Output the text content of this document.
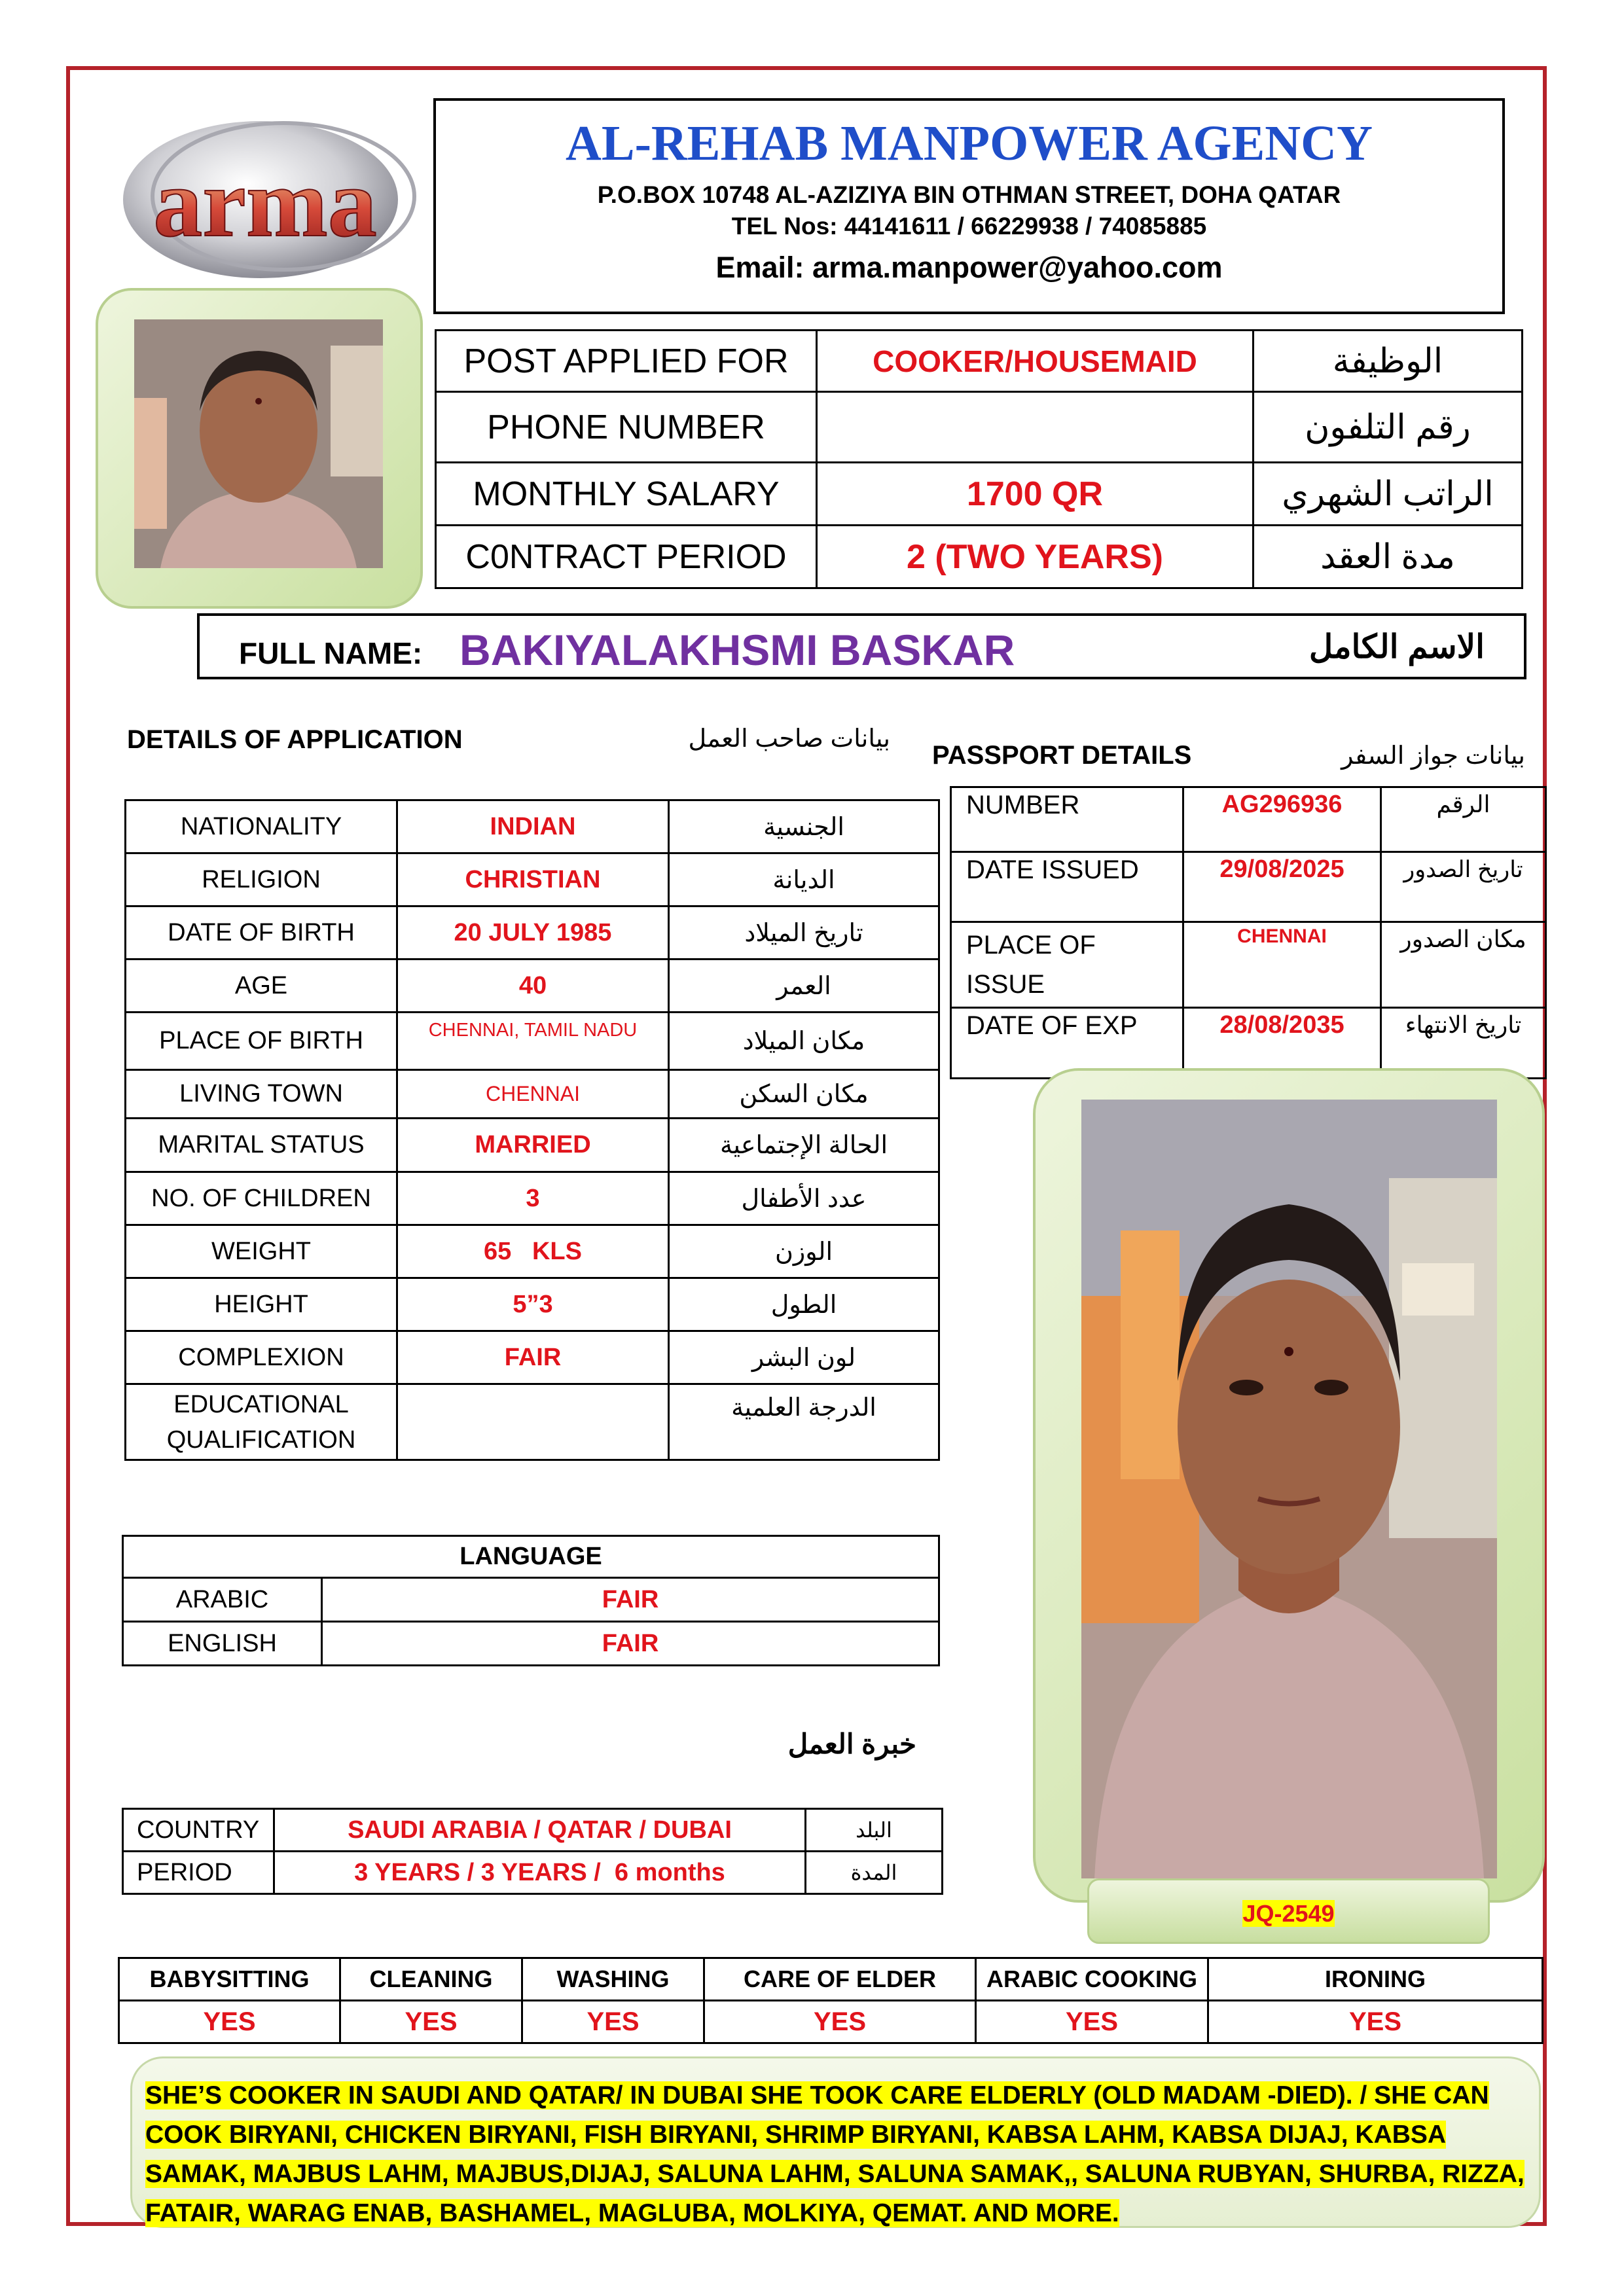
arma
AL-REHAB MANPOWER AGENCY
P.O.BOX 10748 AL-AZIZIYA BIN OTHMAN STREET, DOHA QATAR
TEL Nos: 44141611 / 66229938 / 74085885
Email: arma.manpower@yahoo.com
POST APPLIED FOR	COOKER/HOUSEMAID	الوظيفة
PHONE NUMBER		رقم التلفون
MONTHLY SALARY	1700 QR	الراتب الشهري
C0NTRACT PERIOD	2 (TWO YEARS)	مدة العقد
FULL NAME: BAKIYALAKHSMI BASKAR	الاسم الكامل
DETAILS OF APPLICATION	بيانات صاحب العمل
PASSPORT DETAILS	بيانات جواز السفر
NATIONALITY	INDIAN	الجنسية
RELIGION	CHRISTIAN	الديانة
DATE OF BIRTH	20 JULY 1985	تاريخ الميلاد
AGE	40	العمر
PLACE OF BIRTH	CHENNAI, TAMIL NADU	مكان الميلاد
LIVING TOWN	CHENNAI	مكان السكن
MARITAL STATUS	MARRIED	الحالة الإجتماعية
NO. OF CHILDREN	3	عدد الأطفال
WEIGHT	65   KLS	الوزن
HEIGHT	5”3	الطول
COMPLEXION	FAIR	لون البشر
EDUCATIONAL QUALIFICATION		الدرجة العلمية
NUMBER	AG296936	الرقم
DATE ISSUED	29/08/2025	تاريخ الصدور
PLACE OF ISSUE	CHENNAI	مكان الصدور
DATE OF EXP	28/08/2035	تاريخ الانتهاء
JQ-2549
LANGUAGE	
ARABIC	FAIR
ENGLISH	FAIR
خبرة العمل
COUNTRY	SAUDI ARABIA / QATAR / DUBAI	البلد
PERIOD	3 YEARS / 3 YEARS /  6 months	المدة
BABYSITTING	CLEANING	WASHING	CARE OF ELDER	ARABIC COOKING	IRONING
YES	YES	YES	YES	YES	YES

SHE’S COOKER IN SAUDI AND QATAR/ IN DUBAI SHE TOOK CARE ELDERLY (OLD MADAM -DIED). / SHE CAN COOK BIRYANI, CHICKEN BIRYANI, FISH BIRYANI, SHRIMP BIRYANI, KABSA LAHM, KABSA DIJAJ, KABSA SAMAK, MAJBUS LAHM, MAJBUS,DIJAJ, SALUNA LAHM, SALUNA SAMAK,, SALUNA RUBYAN, SHURBA, RIZZA, FATAIR, WARAG ENAB, BASHAMEL, MAGLUBA, MOLKIYA, QEMAT. AND MORE.
